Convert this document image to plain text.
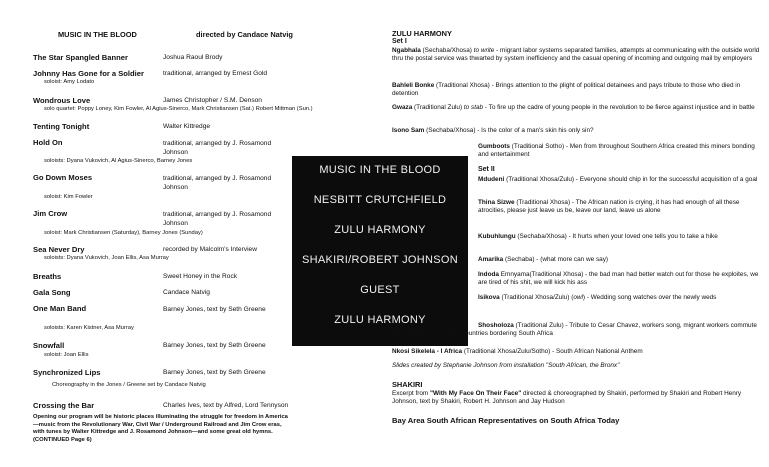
MUSIC IN THE BLOOD	directed by Candace Natvig
The Star Spangled Banner	Joshua Raoul Brody
Johnny Has Gone for a Soldier	traditional, arranged by Ernest Gold
soloist: Amy Lodato
Wondrous Love	James Christopher / S.M. Denson
solo quartet: Poppy Loney, Kim Fowler, Al Agius-Sinerco, Mark Christiansen (Sat.) Robert Mittman (Sun.)
Tenting Tonight	Walter Kittredge
Hold On	traditional, arranged by J. Rosamond Johnson
soloists: Dyana Vukovich, Al Agius-Sinerco, Barney Jones
Go Down Moses	traditional, arranged by J. Rosamond Johnson
soloist: Kim Fowler
Jim Crow	traditional, arranged by J. Rosamond Johnson
soloist: Mark Christiansen (Saturday), Barney Jones (Sunday)
Sea Never Dry	recorded by Malcolm's Interview
soloists: Dyana Vukovich, Joan Ellis, Asa Murray
Breaths	Sweet Honey in the Rock
Gala Song	Candace Natvig
One Man Band	Barney Jones, text by Seth Greene
soloists: Karen Kistner, Asa Murray
Snowfall	Barney Jones, text by Seth Greene
soloist: Joan Ellis
Synchronized Lips	Barney Jones, text by Seth Greene
Choreography in the Jones / Greene set by Candace Natvig
Crossing the Bar	Charles Ives, text by Alfred, Lord Tennyson
Opening our program will be historic places illuminating the struggle for freedom in America—music from the Revolutionary War, Civil War / Underground Railroad and Jim Crow eras, with tunes by Walter Kittredge and J. Rosamond Johnson—and some great old hymns. (CONTINUED Page 6)
MUSIC IN THE BLOOD
NESBITT CRUTCHFIELD
ZULU HARMONY
SHAKIRI/ROBERT JOHNSON
GUEST
ZULU HARMONY
ZULU HARMONY
Set I
Ngabhala (Sechaba/Xhosa) to write - migrant labor systems separated families, attempts at communicating with the outside world thru the postal service was thwarted by system inefficiency and the casual opening of incoming and outgoing mail by employers
Bahleli Bonke (Traditional Xhosa) - Brings attention to the plight of political detainees and pays tribute to those who died in detention
Gwaza (Traditional Zulu) to stab - To fire up the cadre of young people in the revolution to be fierce against injustice and in battle
Isono Sam (Sechaba/Xhosa) - Is the color of a man's skin his only sin?
Gumboots (Traditional Sotho) - Men from throughout Southern Africa created this miners bonding and entertainment
Set II
Mdudeni (Traditional Xhosa/Zulu) - Everyone should chip in for the successful acquisition of a goal
Thina Sizwe (Traditional Xhosa) - The African nation is crying, it has had enough of all these atrocities, please just leave us be, leave our land, leave us alone
Kubuhlungu (Sechaba/Xhosa) - It hurts when your loved one tells you to take a hike
Amarika (Sechaba) - (what more can we say)
Indoda Emnyama(Traditional Xhosa) - the bad man had better watch out for those he exploites, we are tired of his shit, we will kick his ass
Isikova (Traditional Xhosa/Zulu) (owl) - Wedding song watches over the newly weds
Shosholoza (Traditional Zulu) - Tribute to Cesar Chavez, workers song, migrant workers commute by trainloads from many countries bordering South Africa
Nkosi Sikelela - I Africa (Traditional Xhosa/Zulu/Sotho) - South African National Anthem
Slides created by Stephanie Johnson from installation "South African, the Bronx"
SHAKIRI
Excerpt from "With My Face On Their Face" directed & choreographed by Shakiri, performed by Shakiri and Robert Henry Johnson, text by Shakiri, Robert H. Johnson and Jay Hudson
Bay Area South African Representatives on South Africa Today
